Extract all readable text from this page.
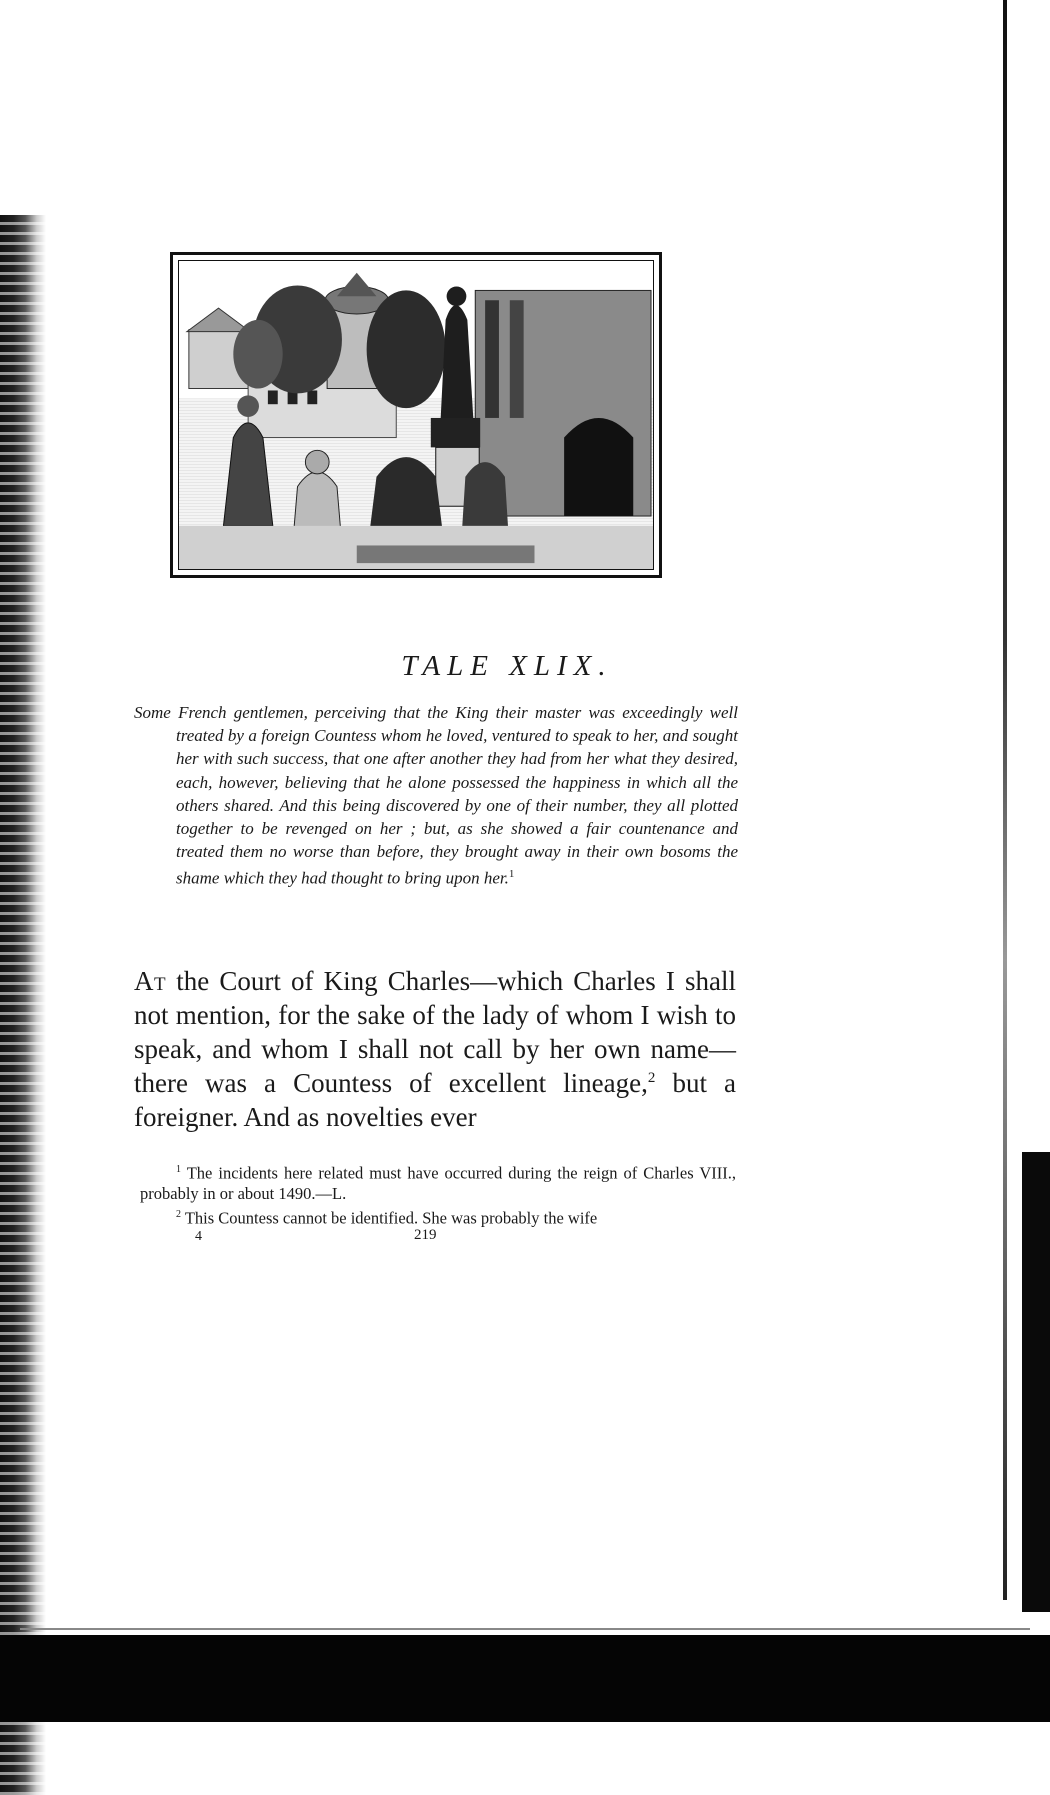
TALE XLIX.

Some French gentlemen, perceiving that the King their master was exceedingly well treated by a foreign Countess whom he loved, ventured to speak to her, and sought her with such success, that one after another they had from her what they desired, each, however, believing that he alone possessed the happiness in which all the others shared. And this being discovered by one of their number, they all plotted together to be revenged on her ; but, as she showed a fair countenance and treated them no worse than before, they brought away in their own bosoms the shame which they had thought to bring upon her.$^1$

At the Court of King Charles—which Charles I shall not mention, for the sake of the lady of whom I wish to speak, and whom I shall not call by her own name—there was a Countess of excellent lineage,$^2$ but a foreigner. And as novelties ever

$^1$ The incidents here related must have occurred during the reign of Charles VIII., probably in or about 1490.—L.

$^2$ This Countess cannot be identified. She was probably the wife

4	219
